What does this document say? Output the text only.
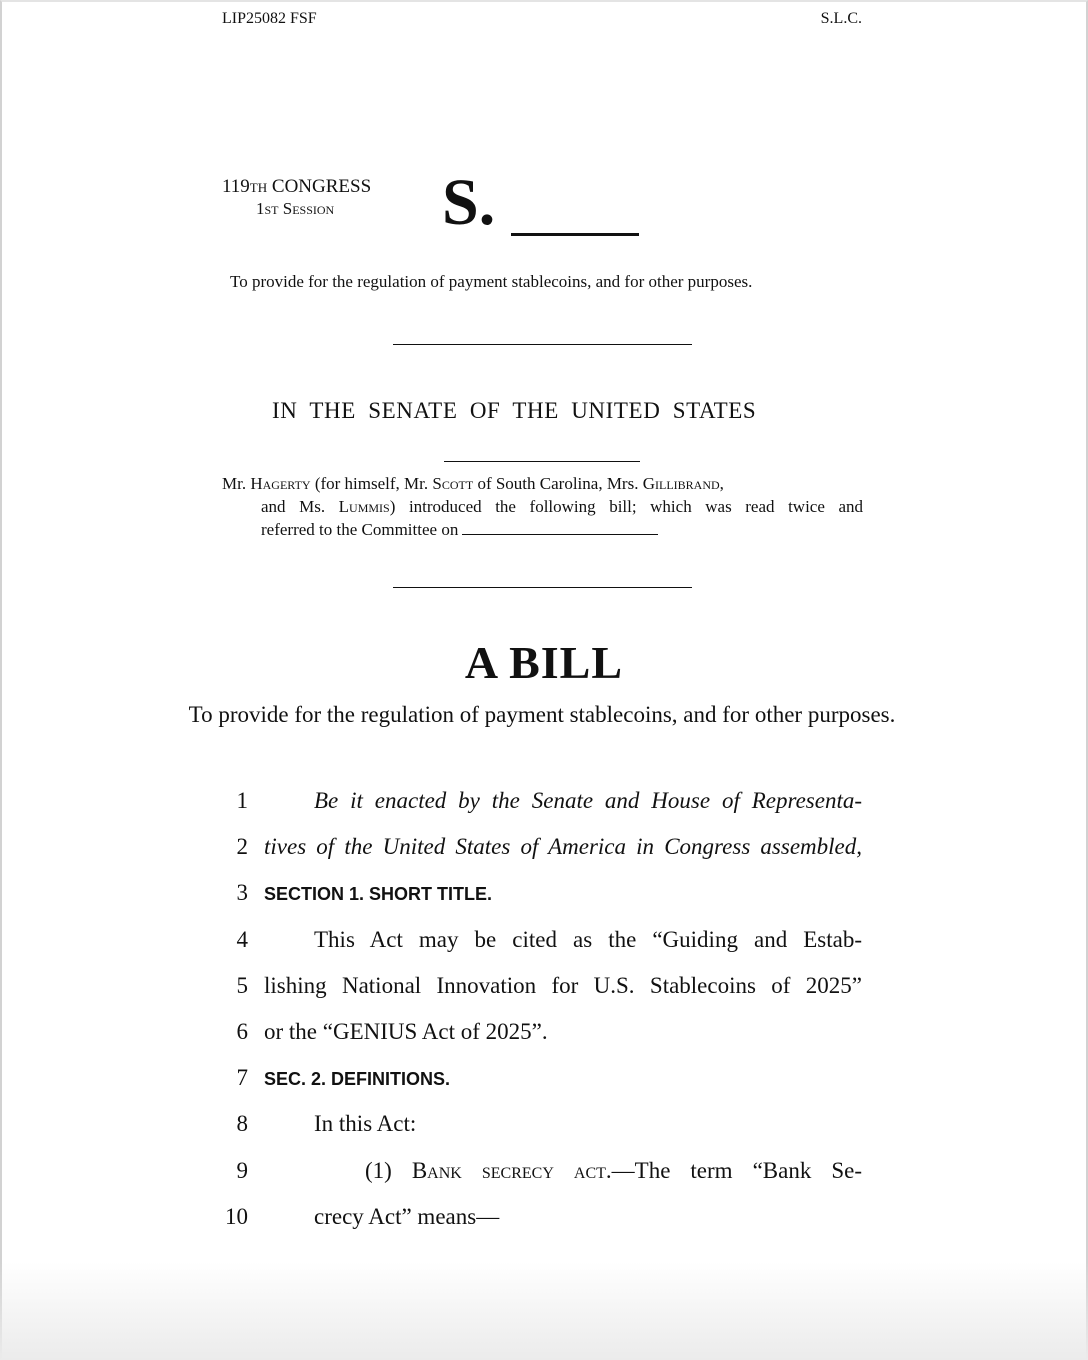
LIP25082 FSF	S.L.C.
119th CONGRESS
1st Session S.
To provide for the regulation of payment stablecoins, and for other purposes.
IN THE SENATE OF THE UNITED STATES
Mr. Hagerty (for himself, Mr. Scott of South Carolina, Mrs. Gillibrand,
and Ms. Lummis) introduced the following bill; which was read twice and
referred to the Committee on
A BILL
To provide for the regulation of payment stablecoins, and for other purposes.
1	Be it enacted by the Senate and House of Representa-
2 tives of the United States of America in Congress assembled,
3 SECTION 1. SHORT TITLE.
4	This Act may be cited as the “Guiding and Estab-
5 lishing National Innovation for U.S. Stablecoins of 2025”
6 or the “GENIUS Act of 2025”.
7 SEC. 2. DEFINITIONS.
8	In this Act:
9	(1) Bank secrecy act.—The term “Bank Se-
10	crecy Act” means—
